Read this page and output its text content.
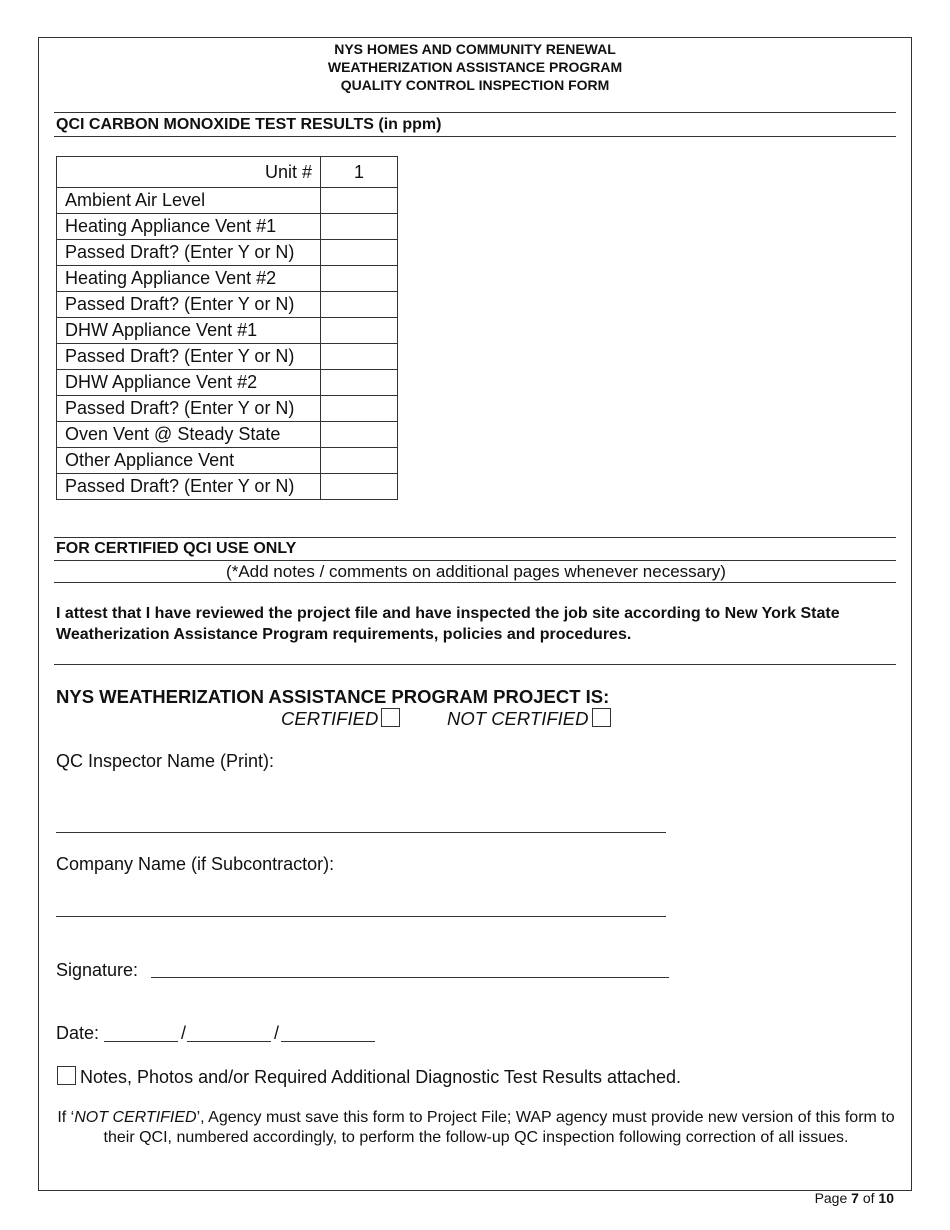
NYS HOMES AND COMMUNITY RENEWAL
WEATHERIZATION ASSISTANCE PROGRAM
QUALITY CONTROL INSPECTION FORM
QCI CARBON MONOXIDE TEST RESULTS (in ppm)
Unit #	1
Ambient Air Level	
Heating Appliance Vent #1	
Passed Draft? (Enter Y or N)	
Heating Appliance Vent #2	
Passed Draft? (Enter Y or N)	
DHW Appliance Vent #1	
Passed Draft? (Enter Y or N)	
DHW Appliance Vent #2	
Passed Draft? (Enter Y or N)	
Oven Vent @ Steady State	
Other Appliance Vent	
Passed Draft? (Enter Y or N)	
FOR CERTIFIED QCI USE ONLY
(*Add notes / comments on additional pages whenever necessary)
I attest that I have reviewed the project file and have inspected the job site according to New York State Weatherization Assistance Program requirements, policies and procedures.
NYS WEATHERIZATION ASSISTANCE PROGRAM PROJECT IS:
CERTIFIED	NOT CERTIFIED
QC Inspector Name (Print):
Company Name (if Subcontractor):
Signature:
Date:	/	/
Notes, Photos and/or Required Additional Diagnostic Test Results attached.
If ‘NOT CERTIFIED’, Agency must save this form to Project File; WAP agency must provide new version of this form to their QCI, numbered accordingly, to perform the follow-up QC inspection following correction of all issues.
Page 7 of 10
